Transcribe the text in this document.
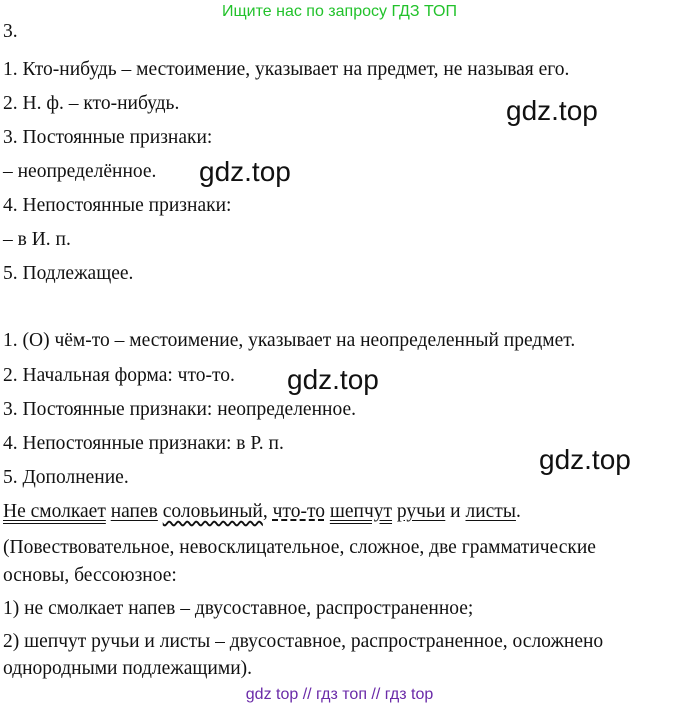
Ищите нас по запросу ГДЗ ТОП
3.
1. Кто-нибудь – местоимение, указывает на предмет, не называя его.
2. Н. ф. – кто-нибудь.
3. Постоянные признаки:
– неопределённое.
4. Непостоянные признаки:
– в И. п.
5. Подлежащее.
1. (О) чём-то – местоимение, указывает на неопределенный предмет.
2. Начальная форма: что-то.
3. Постоянные признаки: неопределенное.
4. Непостоянные признаки: в Р. п.
5. Дополнение.
Не смолкает напев соловьиный, что-то шепчут ручьи и листы.
(Повествовательное, невосклицательное, сложное, две грамматические
основы, бессоюзное:
1) не смолкает напев – двусоставное, распространенное;
2) шепчут ручьи и листы – двусоставное, распространенное, осложнено
однородными подлежащими).
gdz.top
gdz.top
gdz.top
gdz.top
gdz top // гдз топ // гдз top
